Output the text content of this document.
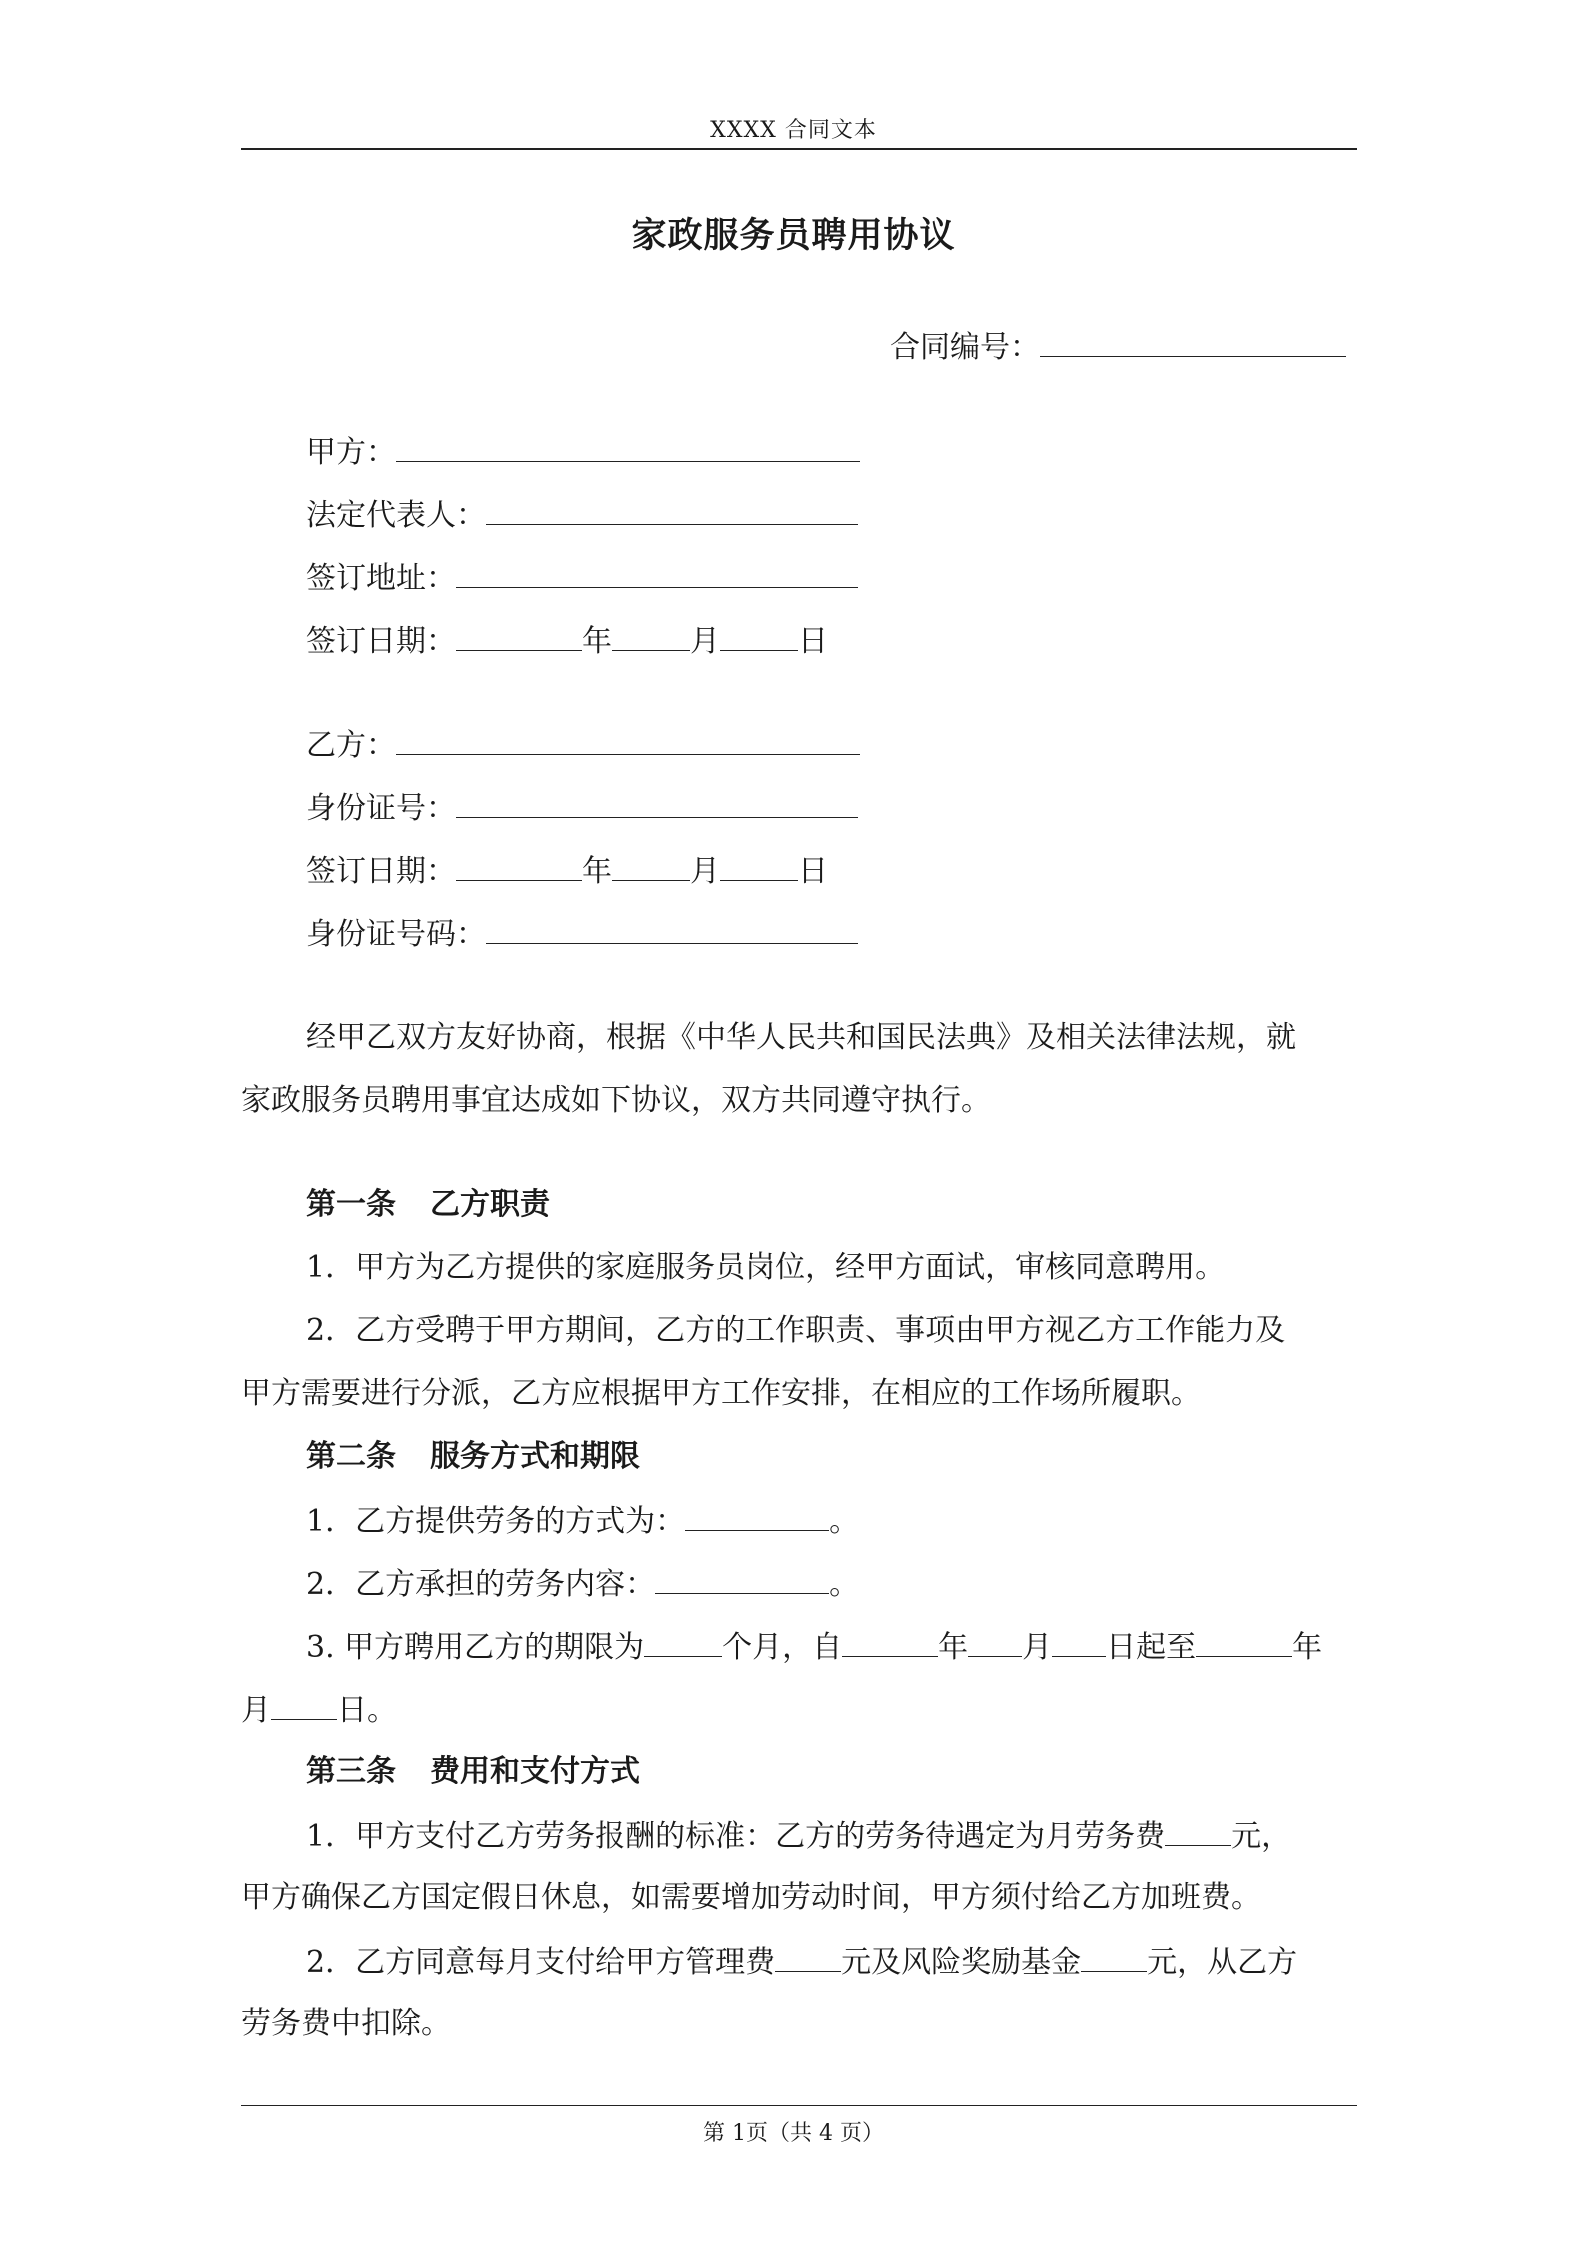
XXXX 合同文本
家政服务员聘用协议
合同编号：
甲方：
法定代表人：
签订地址：
签订日期：	年	月	日
乙方：
身份证号：
签订日期：	年	月	日
身份证号码：
经甲乙双方友好协商，根据《中华人民共和国民法典》及相关法律法规，就
家政服务员聘用事宜达成如下协议，双方共同遵守执行。
第一条 乙方职责
1．甲方为乙方提供的家庭服务员岗位，经甲方面试，审核同意聘用。
2．乙方受聘于甲方期间，乙方的工作职责、事项由甲方视乙方工作能力及
甲方需要进行分派，乙方应根据甲方工作安排，在相应的工作场所履职。
第二条 服务方式和期限
1．乙方提供劳务的方式为：	。
2．乙方承担的劳务内容：	。
3. 甲方聘用乙方的期限为	个月，自	年 月 日起至	年
月 日。
第三条 费用和支付方式
1．甲方支付乙方劳务报酬的标准：乙方的劳务待遇定为月劳务费 元，
甲方确保乙方国定假日休息，如需要增加劳动时间，甲方须付给乙方加班费。
2．乙方同意每月支付给甲方管理费 元及风险奖励基金 元，从乙方
劳务费中扣除。
第 1页（共 4 页）
